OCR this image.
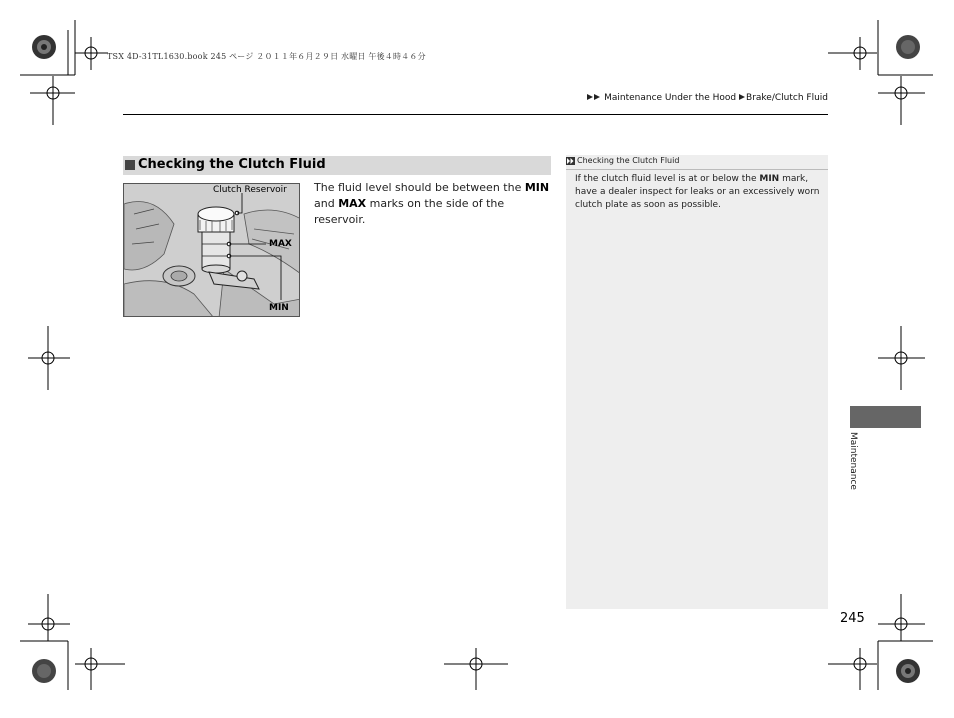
TSX 4D-31TL1630.book 245 ページ ２０１１年６月２９日 水曜日 午後４時４６分
Maintenance Under the Hood Brake/Clutch Fluid
Checking the Clutch Fluid
Clutch Reservoir
MAX
MIN
The fluid level should be between the MIN
and MAX marks on the side of the reservoir.
Checking the Clutch Fluid
If the clutch fluid level is at or below the MIN mark, have a dealer inspect for leaks or an excessively worn clutch plate as soon as possible.
Maintenance
245
